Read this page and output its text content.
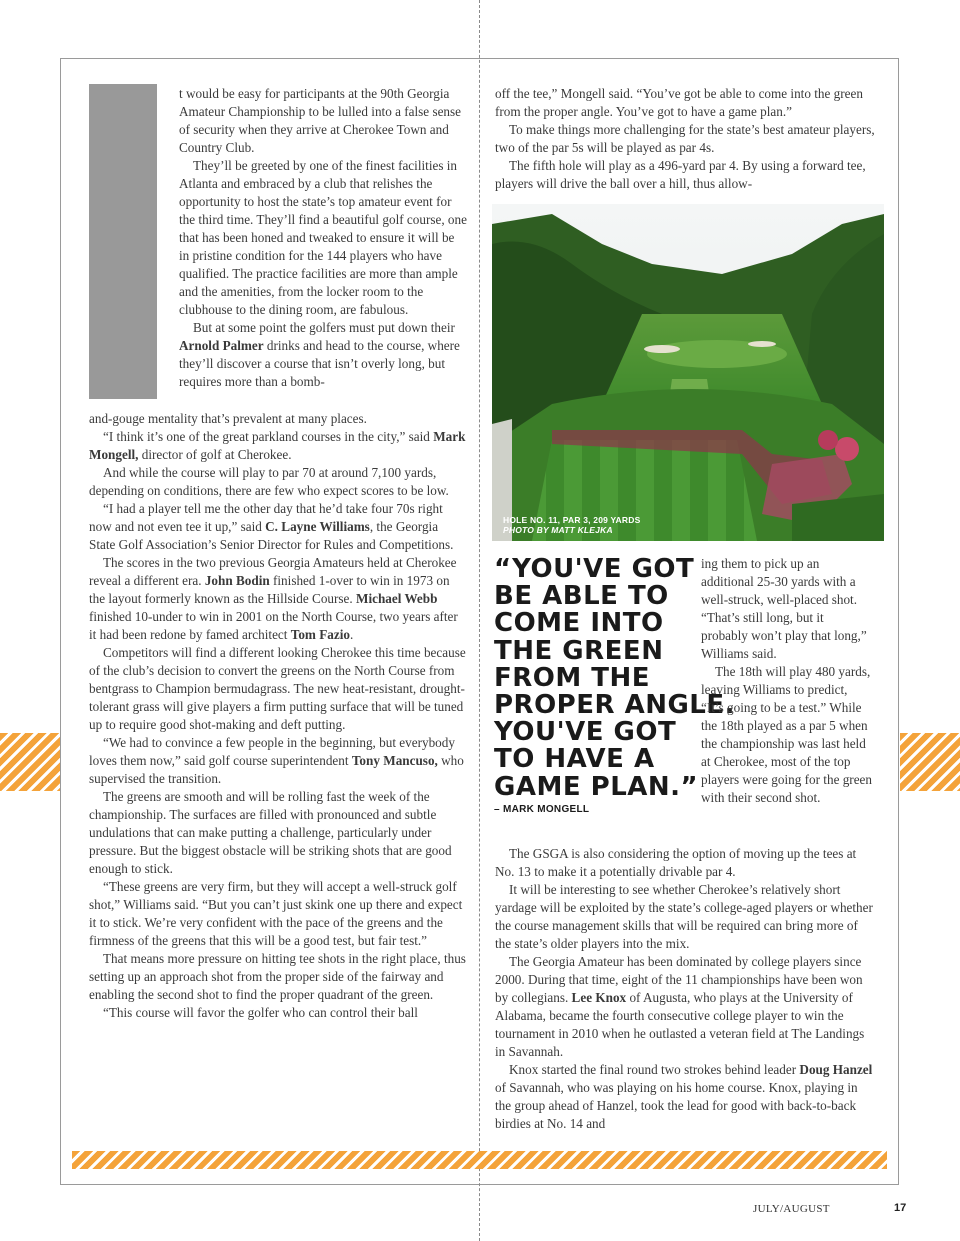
t would be easy for participants at the 90th Georgia Amateur Championship to be lulled into a false sense of security when they arrive at Cherokee Town and Country Club.

They’ll be greeted by one of the finest facilities in Atlanta and embraced by a club that relishes the opportunity to host the state’s top amateur event for the third time. They’ll find a beautiful golf course, one that has been honed and tweaked to ensure it will be in pristine condition for the 144 players who have qualified. The practice facilities are more than ample and the amenities, from the locker room to the clubhouse to the dining room, are fabulous.

But at some point the golfers must put down their Arnold Palmer drinks and head to the course, where they’ll discover a course that isn’t overly long, but requires more than a bomb-

and-gouge mentality that’s prevalent at many places.

“I think it’s one of the great parkland courses in the city,” said Mark Mongell, director of golf at Cherokee.

And while the course will play to par 70 at around 7,100 yards, depending on conditions, there are few who expect scores to be low.

“I had a player tell me the other day that he’d take four 70s right now and not even tee it up,” said C. Layne Williams, the Georgia State Golf Association’s Senior Director for Rules and Competitions.

The scores in the two previous Georgia Amateurs held at Cherokee reveal a different era. John Bodin finished 1-over to win in 1973 on the layout formerly known as the Hillside Course. Michael Webb finished 10-under to win in 2001 on the North Course, two years after it had been redone by famed architect Tom Fazio.

Competitors will find a different looking Cherokee this time because of the club’s decision to convert the greens on the North Course from bentgrass to Champion bermudagrass. The new heat-resistant, drought-tolerant grass will give players a firm putting surface that will be tuned up to require good shot-making and deft putting.

“We had to convince a few people in the beginning, but everybody loves them now,” said golf course superintendent Tony Mancuso, who supervised the transition.

The greens are smooth and will be rolling fast the week of the championship. The surfaces are filled with pronounced and subtle undulations that can make putting a challenge, particularly under pressure. But the biggest obstacle will be striking shots that are good enough to stick.

“These greens are very firm, but they will accept a well-struck golf shot,” Williams said. “But you can’t just skink one up there and expect it to stick. We’re very confident with the pace of the greens and the firmness of the greens that this will be a good test, but fair test.”

That means more pressure on hitting tee shots in the right place, thus setting up an approach shot from the proper side of the fairway and enabling the second shot to find the proper quadrant of the green.

“This course will favor the golfer who can control their ball

off the tee,” Mongell said. “You’ve got be able to come into the green from the proper angle. You’ve got to have a game plan.”

To make things more challenging for the state’s best amateur players, two of the par 5s will be played as par 4s.

The fifth hole will play as a 496-yard par 4. By using a forward tee, players will drive the ball over a hill, thus allow-

HOLE NO. 11, PAR 3, 209 YARDS
PHOTO BY MATT KLEJKA
“YOU'VE GOT
BE ABLE TO
COME INTO
THE GREEN
FROM THE
PROPER ANGLE.
YOU'VE GOT
TO HAVE A
GAME PLAN.”
– MARK MONGELL

ing them to pick up an additional 25-30 yards with a well-struck, well-placed shot. “That’s still long, but it probably won’t play that long,” Williams said.

The 18th will play 480 yards, leaving Williams to predict, “It’s going to be a test.” While the 18th played as a par 5 when the championship was last held at Cherokee, most of the top players were going for the green with their second shot.

The GSGA is also considering the option of moving up the tees at No. 13 to make it a potentially drivable par 4.

It will be interesting to see whether Cherokee’s relatively short yardage will be exploited by the state’s college-aged players or whether the course management skills that will be required can bring more of the state’s older players into the mix.

The Georgia Amateur has been dominated by college players since 2000. During that time, eight of the 11 championships have been won by collegians. Lee Knox of Augusta, who plays at the University of Alabama, became the fourth consecutive college player to win the tournament in 2010 when he outlasted a veteran field at The Landings in Savannah.

Knox started the final round two strokes behind leader Doug Hanzel of Savannah, who was playing on his home course. Knox, playing in the group ahead of Hanzel, took the lead for good with back-to-back birdies at No. 14 and

JULY/AUGUST	17
